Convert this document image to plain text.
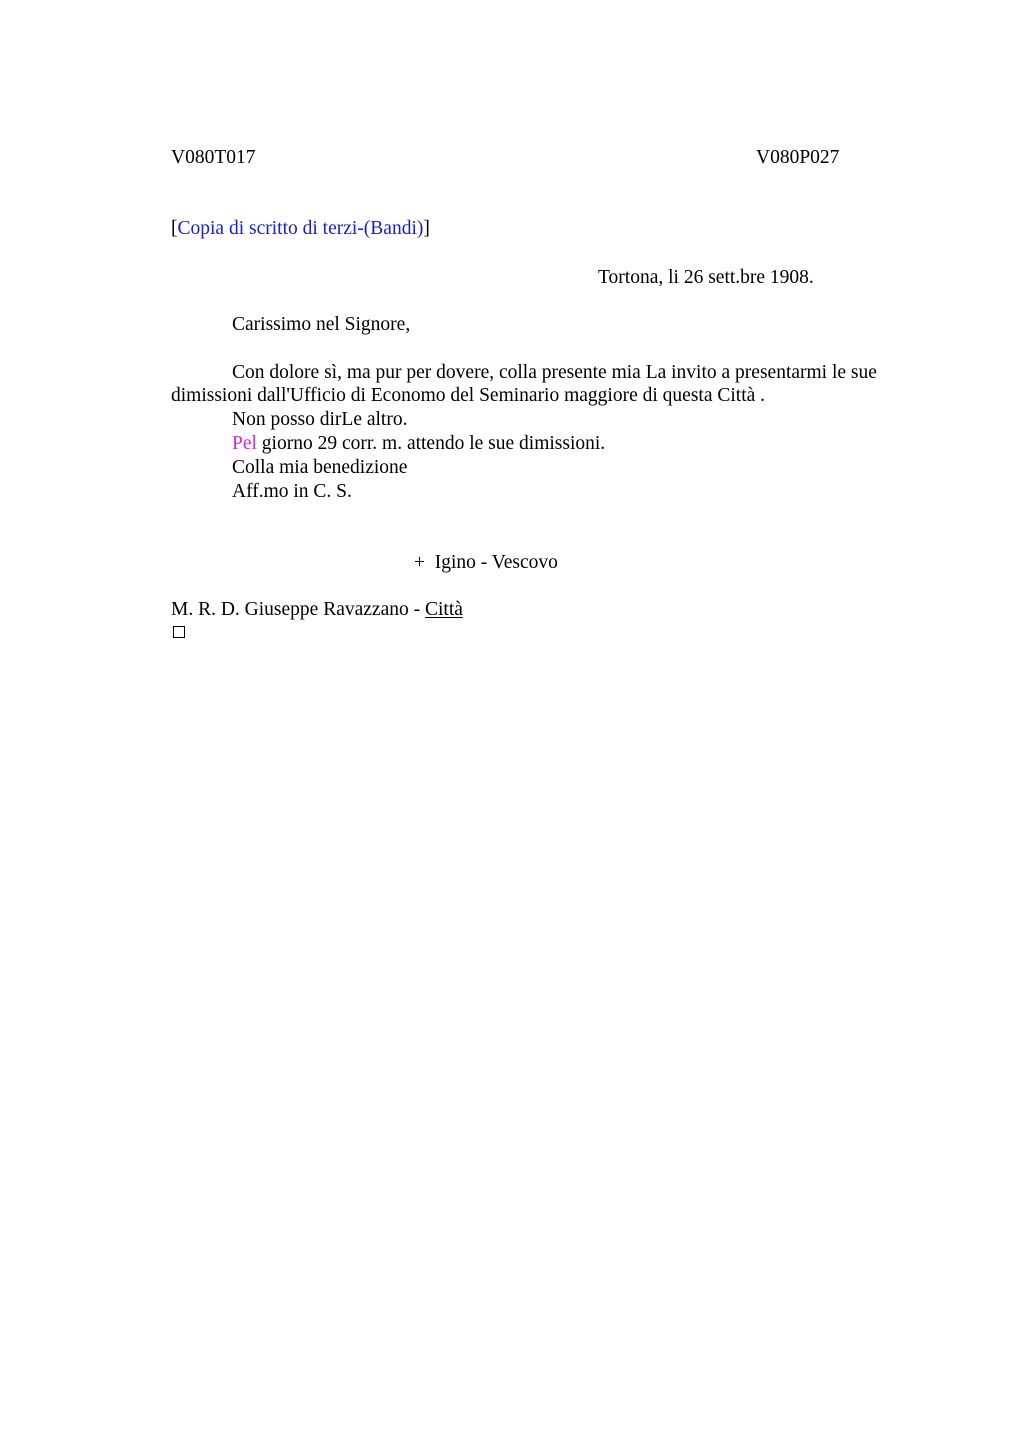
V080T017	V080P027
[Copia di scritto di terzi-(Bandi)]
Tortona, li 26 sett.bre 1908.
Carissimo nel Signore,
Con dolore sì, ma pur per dovere, colla presente mia La invito a presentarmi le sue
dimissioni dall'Ufficio di Economo del Seminario maggiore di questa Città .
Non posso dirLe altro.
Pel giorno 29 corr. m. attendo le sue dimissioni.
Colla mia benedizione
Aff.mo in C. S.
+  Igino - Vescovo
M. R. D. Giuseppe Ravazzano - Città
